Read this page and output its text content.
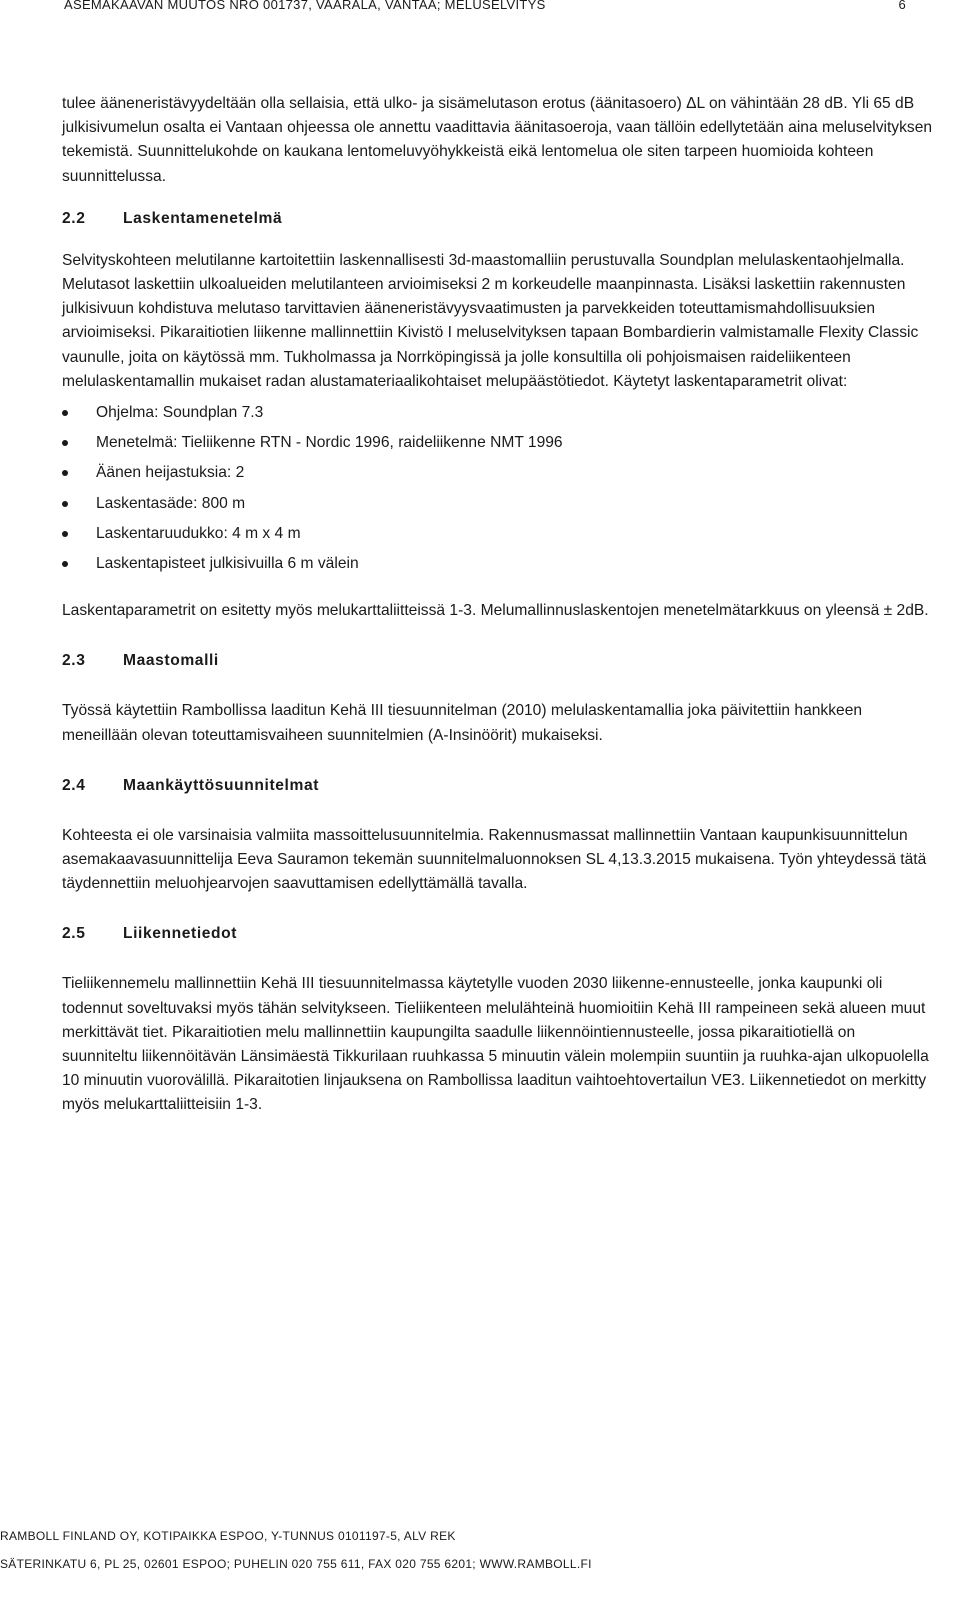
ASEMAKAAVAN MUUTOS NRO 001737, VAARALA, VANTAA; MELUSELVITYS	6

tulee ääneneristävyydeltään olla sellaisia, että ulko- ja sisämelutason erotus (äänitasoero) ΔL on vähintään 28 dB. Yli 65 dB julkisivumelun osalta ei Vantaan ohjeessa ole annettu vaadittavia äänitasoeroja, vaan tällöin edellytetään aina meluselvityksen tekemistä. Suunnittelukohde on kaukana lentomeluvyöhykkeistä eikä lentomelua ole siten tarpeen huomioida kohteen suunnittelussa.

2.2	Laskentamenetelmä

Selvityskohteen melutilanne kartoitettiin laskennallisesti 3d-maastomalliin perustuvalla Soundplan melulaskentaohjelmalla. Melutasot laskettiin ulkoalueiden melutilanteen arvioimiseksi 2 m korkeudelle maanpinnasta. Lisäksi laskettiin rakennusten julkisivuun kohdistuva melutaso tarvittavien ääneneristävyysvaatimusten ja parvekkeiden toteuttamismahdollisuuksien arvioimiseksi. Pikaraitiotien liikenne mallinnettiin Kivistö I meluselvityksen tapaan Bombardierin valmistamalle Flexity Classic vaunulle, joita on käytössä mm. Tukholmassa ja Norrköpingissä ja jolle konsultilla oli pohjoismaisen raideliikenteen melulaskentamallin mukaiset radan alustamateriaalikohtaiset melupäästötiedot. Käytetyt laskentaparametrit olivat:

Ohjelma: Soundplan 7.3
Menetelmä: Tieliikenne RTN - Nordic 1996, raideliikenne NMT 1996
Äänen heijastuksia: 2
Laskentasäde: 800 m
Laskentaruudukko: 4 m x 4 m
Laskentapisteet julkisivuilla 6 m välein

Laskentaparametrit on esitetty myös melukarttaliitteissä 1-3. Melumallinnuslaskentojen menetelmätarkkuus on yleensä ± 2dB.

2.3	Maastomalli

Työssä käytettiin Rambollissa laaditun Kehä III tiesuunnitelman (2010) melulaskentamallia joka päivitettiin hankkeen meneillään olevan toteuttamisvaiheen suunnitelmien (A-Insinöörit) mukaiseksi.

2.4	Maankäyttösuunnitelmat

Kohteesta ei ole varsinaisia valmiita massoittelusuunnitelmia. Rakennusmassat mallinnettiin Vantaan kaupunkisuunnittelun asemakaavasuunnittelija Eeva Sauramon tekemän suunnitelmaluonnoksen SL 4,13.3.2015 mukaisena. Työn yhteydessä tätä täydennettiin meluohjearvojen saavuttamisen edellyttämällä tavalla.

2.5	Liikennetiedot

Tieliikennemelu mallinnettiin Kehä III tiesuunnitelmassa käytetylle vuoden 2030 liikenne-ennusteelle, jonka kaupunki oli todennut soveltuvaksi myös tähän selvitykseen. Tieliikenteen melulähteinä huomioitiin Kehä III rampeineen sekä alueen muut merkittävät tiet. Pikaraitiotien melu mallinnettiin kaupungilta saadulle liikennöintiennusteelle, jossa pikaraitiotiellä on suunniteltu liikennöitävän Länsimäestä Tikkurilaan ruuhkassa 5 minuutin välein molempiin suuntiin ja ruuhka-ajan ulkopuolella 10 minuutin vuorovälillä. Pikaraitotien linjauksena on Rambollissa laaditun vaihtoehtovertailun VE3. Liikennetiedot on merkitty myös melukarttaliitteisiin 1-3.

RAMBOLL FINLAND OY, KOTIPAIKKA ESPOO, Y-TUNNUS 0101197-5, ALV REK
SÄTERINKATU 6, PL 25, 02601 ESPOO; PUHELIN 020 755 611, FAX 020 755 6201; WWW.RAMBOLL.FI
